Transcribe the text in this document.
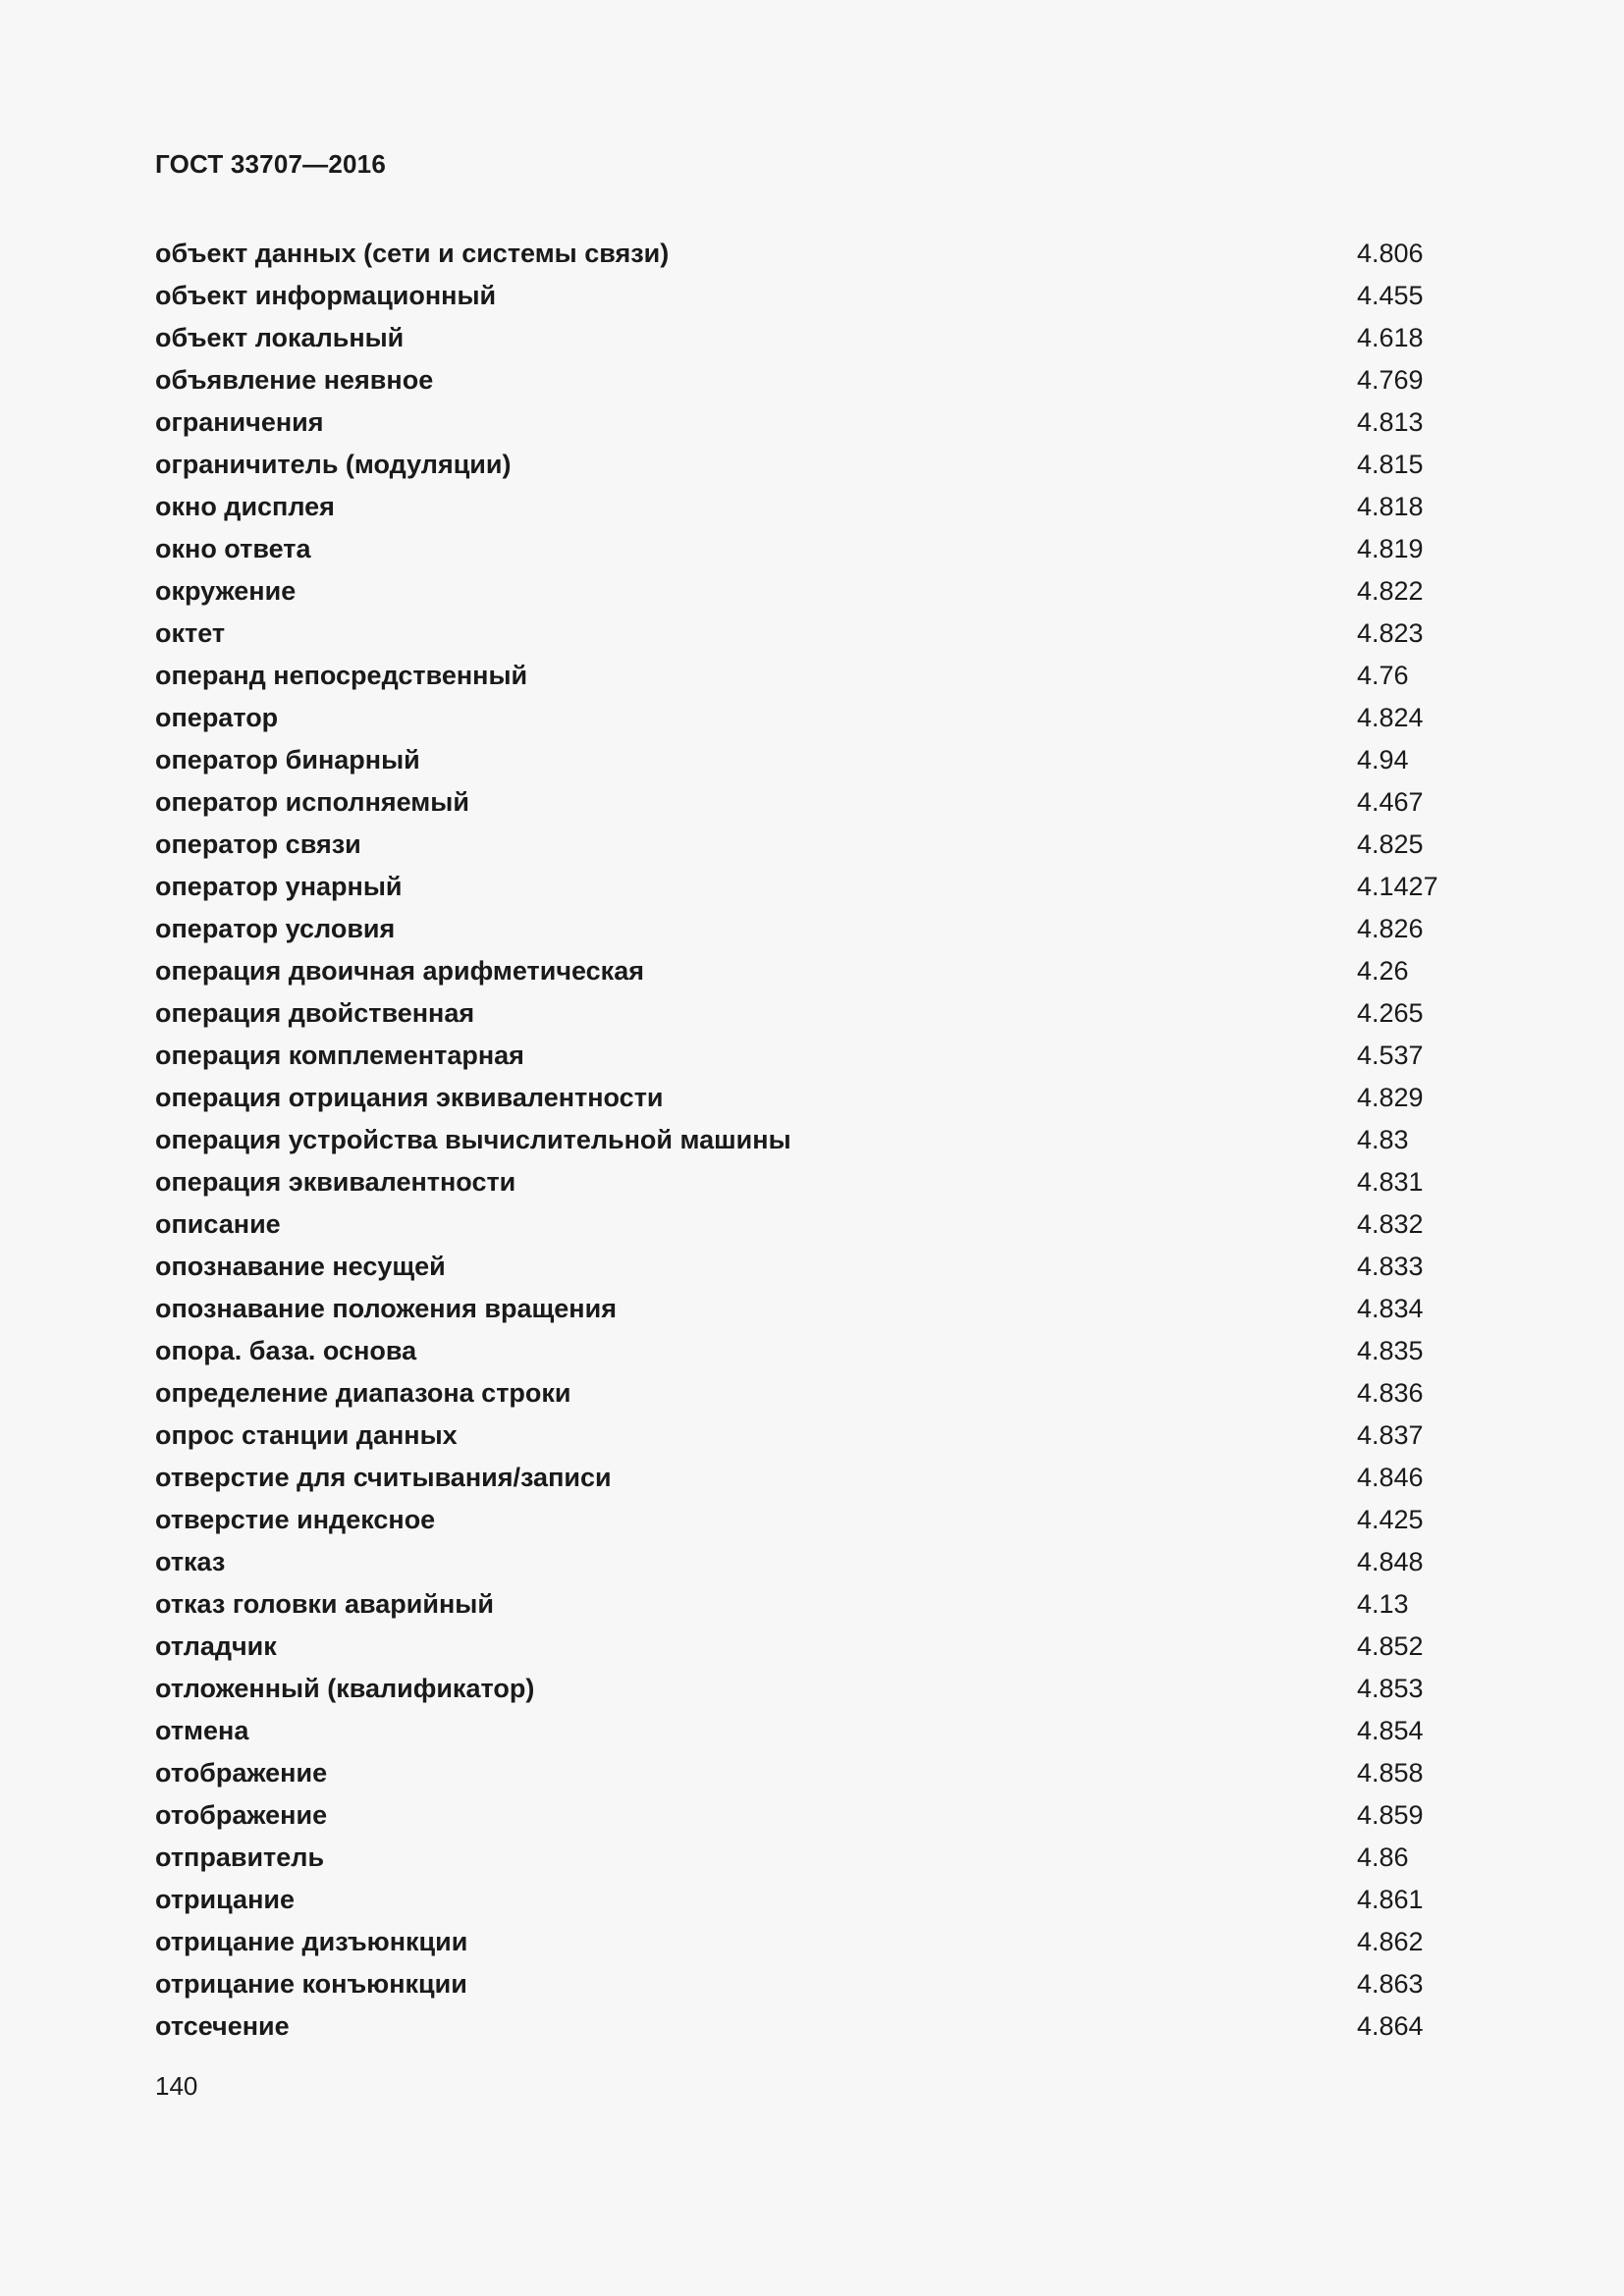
ГОСТ 33707—2016
объект данных (сети и системы связи)	4.806
объект информационный	4.455
объект локальный	4.618
объявление неявное	4.769
ограничения	4.813
ограничитель (модуляции)	4.815
окно дисплея	4.818
окно ответа	4.819
окружение	4.822
октет	4.823
операнд непосредственный	4.76
оператор	4.824
оператор бинарный	4.94
оператор исполняемый	4.467
оператор связи	4.825
оператор унарный	4.1427
оператор условия	4.826
операция двоичная арифметическая	4.26
операция двойственная	4.265
операция комплементарная	4.537
операция отрицания эквивалентности	4.829
операция устройства вычислительной машины	4.83
операция эквивалентности	4.831
описание	4.832
опознавание несущей	4.833
опознавание положения вращения	4.834
опора. база. основа	4.835
определение диапазона строки	4.836
опрос станции данных	4.837
отверстие для считывания/записи	4.846
отверстие индексное	4.425
отказ	4.848
отказ головки аварийный	4.13
отладчик	4.852
отложенный (квалификатор)	4.853
отмена	4.854
отображение	4.858
отображение	4.859
отправитель	4.86
отрицание	4.861
отрицание дизъюнкции	4.862
отрицание конъюнкции	4.863
отсечение	4.864
140
